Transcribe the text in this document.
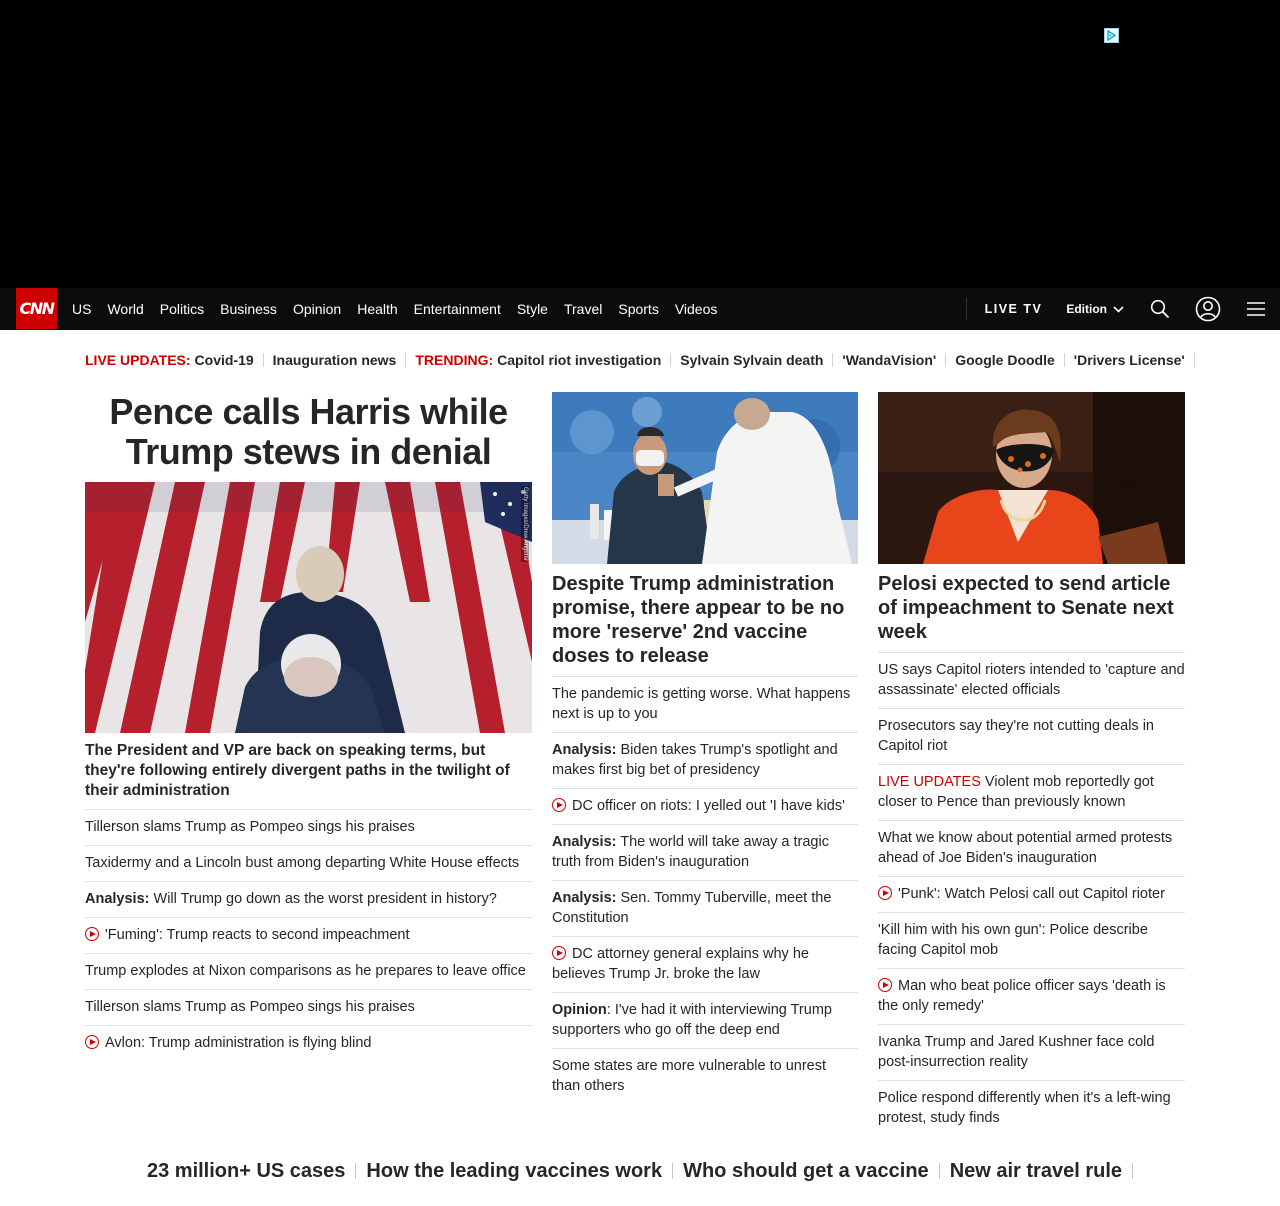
CNN	US	World	Politics	Business	Opinion	Health	Entertainment	Style	Travel	Sports	Videos	LIVE TV	Edition
LIVE UPDATES: Covid-19	Inauguration news	TRENDING: Capitol riot investigation	Sylvain Sylvain death	'WandaVision'	Google Doodle	'Drivers License'
Pence calls Harris while Trump stews in denial
Getty Images/Drew Angerer
The President and VP are back on speaking terms, but they're following entirely divergent paths in the twilight of their administration
Tillerson slams Trump as Pompeo sings his praises
Taxidermy and a Lincoln bust among departing White House effects
Analysis: Will Trump go down as the worst president in history?
'Fuming': Trump reacts to second impeachment
Trump explodes at Nixon comparisons as he prepares to leave office
Tillerson slams Trump as Pompeo sings his praises
Avlon: Trump administration is flying blind
Despite Trump administration promise, there appear to be no more 'reserve' 2nd vaccine doses to release
The pandemic is getting worse. What happens next is up to you
Analysis: Biden takes Trump's spotlight and makes first big bet of presidency
DC officer on riots: I yelled out 'I have kids'
Analysis: The world will take away a tragic truth from Biden's inauguration
Analysis: Sen. Tommy Tuberville, meet the Constitution
DC attorney general explains why he believes Trump Jr. broke the law
Opinion: I've had it with interviewing Trump supporters who go off the deep end
Some states are more vulnerable to unrest than others
Pelosi expected to send article of impeachment to Senate next week
US says Capitol rioters intended to 'capture and assassinate' elected officials
Prosecutors say they're not cutting deals in Capitol riot
LIVE UPDATES Violent mob reportedly got closer to Pence than previously known
What we know about potential armed protests ahead of Joe Biden's inauguration
'Punk': Watch Pelosi call out Capitol rioter
'Kill him with his own gun': Police describe facing Capitol mob
Man who beat police officer says 'death is the only remedy'
Ivanka Trump and Jared Kushner face cold post-insurrection reality
Police respond differently when it's a left-wing protest, study finds
23 million+ US cases	How the leading vaccines work	Who should get a vaccine	New air travel rule
